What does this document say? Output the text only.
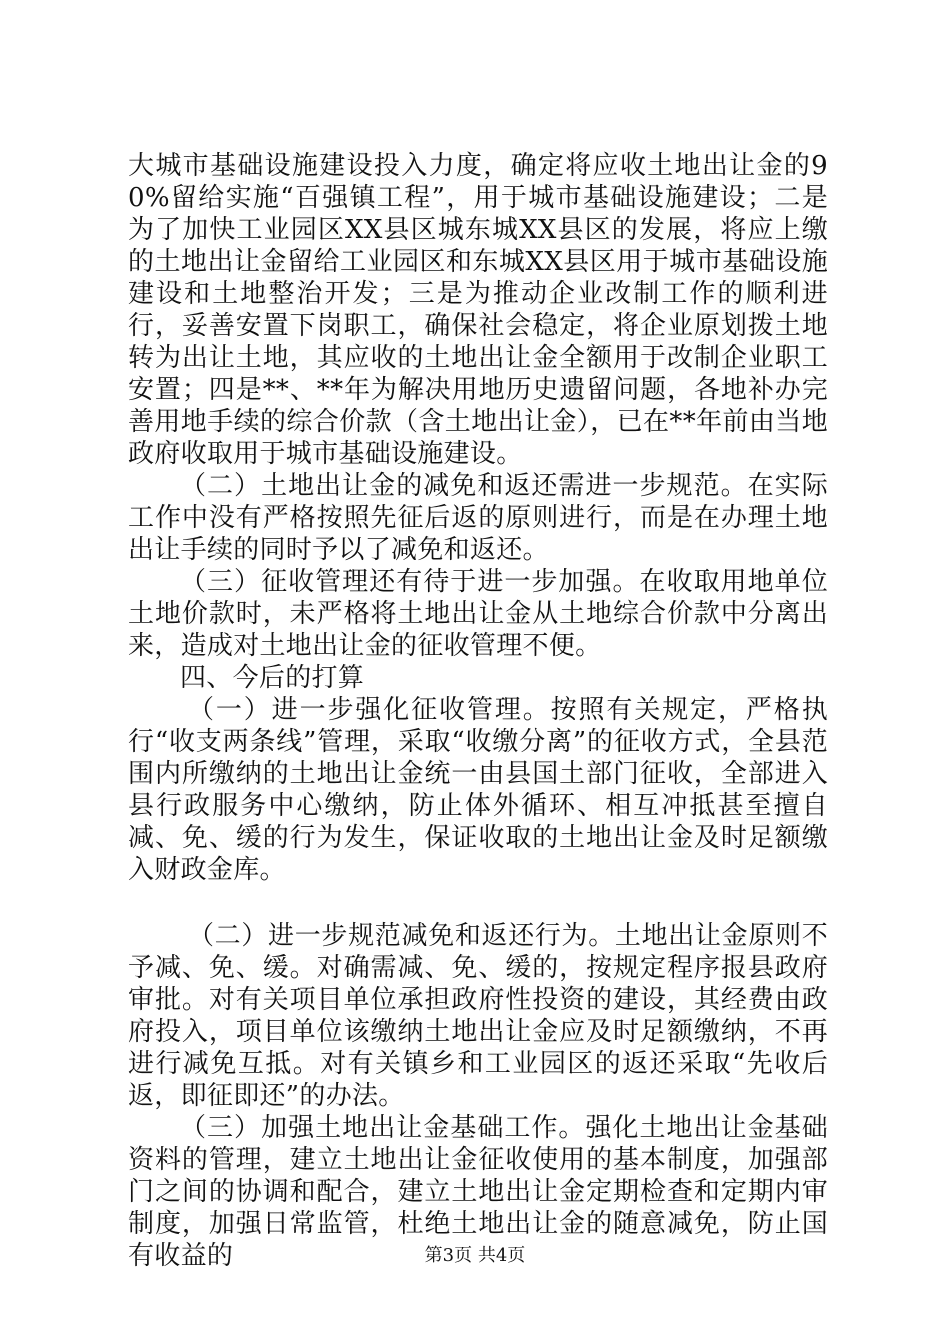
大城市基础设施建设投入力度，确定将应收土地出让金的90%留给实施“百强镇工程”，用于城市基础设施建设；二是为了加快工业园区XX县区城东城XX县区的发展，将应上缴的土地出让金留给工业园区和东城XX县区用于城市基础设施建设和土地整治开发；三是为推动企业改制工作的顺利进行，妥善安置下岗职工，确保社会稳定，将企业原划拨土地转为出让土地，其应收的土地出让金全额用于改制企业职工安置；四是**、**年为解决用地历史遗留问题，各地补办完善用地手续的综合价款（含土地出让金），已在**年前由当地政府收取用于城市基础设施建设。

（二）土地出让金的减免和返还需进一步规范。在实际工作中没有严格按照先征后返的原则进行，而是在办理土地出让手续的同时予以了减免和返还。

（三）征收管理还有待于进一步加强。在收取用地单位土地价款时，未严格将土地出让金从土地综合价款中分离出来，造成对土地出让金的征收管理不便。

四、今后的打算

（一）进一步强化征收管理。按照有关规定，严格执行“收支两条线”管理，采取“收缴分离”的征收方式，全县范围内所缴纳的土地出让金统一由县国土部门征收，全部进入县行政服务中心缴纳，防止体外循环、相互冲抵甚至擅自减、免、缓的行为发生，保证收取的土地出让金及时足额缴入财政金库。

（二）进一步规范减免和返还行为。土地出让金原则不予减、免、缓。对确需减、免、缓的，按规定程序报县政府审批。对有关项目单位承担政府性投资的建设，其经费由政府投入，项目单位该缴纳土地出让金应及时足额缴纳，不再进行减免互抵。对有关镇乡和工业园区的返还采取“先收后返，即征即还”的办法。

（三）加强土地出让金基础工作。强化土地出让金基础资料的管理，建立土地出让金征收使用的基本制度，加强部门之间的协调和配合，建立土地出让金定期检查和定期内审制度，加强日常监管，杜绝土地出让金的随意减免，防止国有收益的	第3页 共4页
